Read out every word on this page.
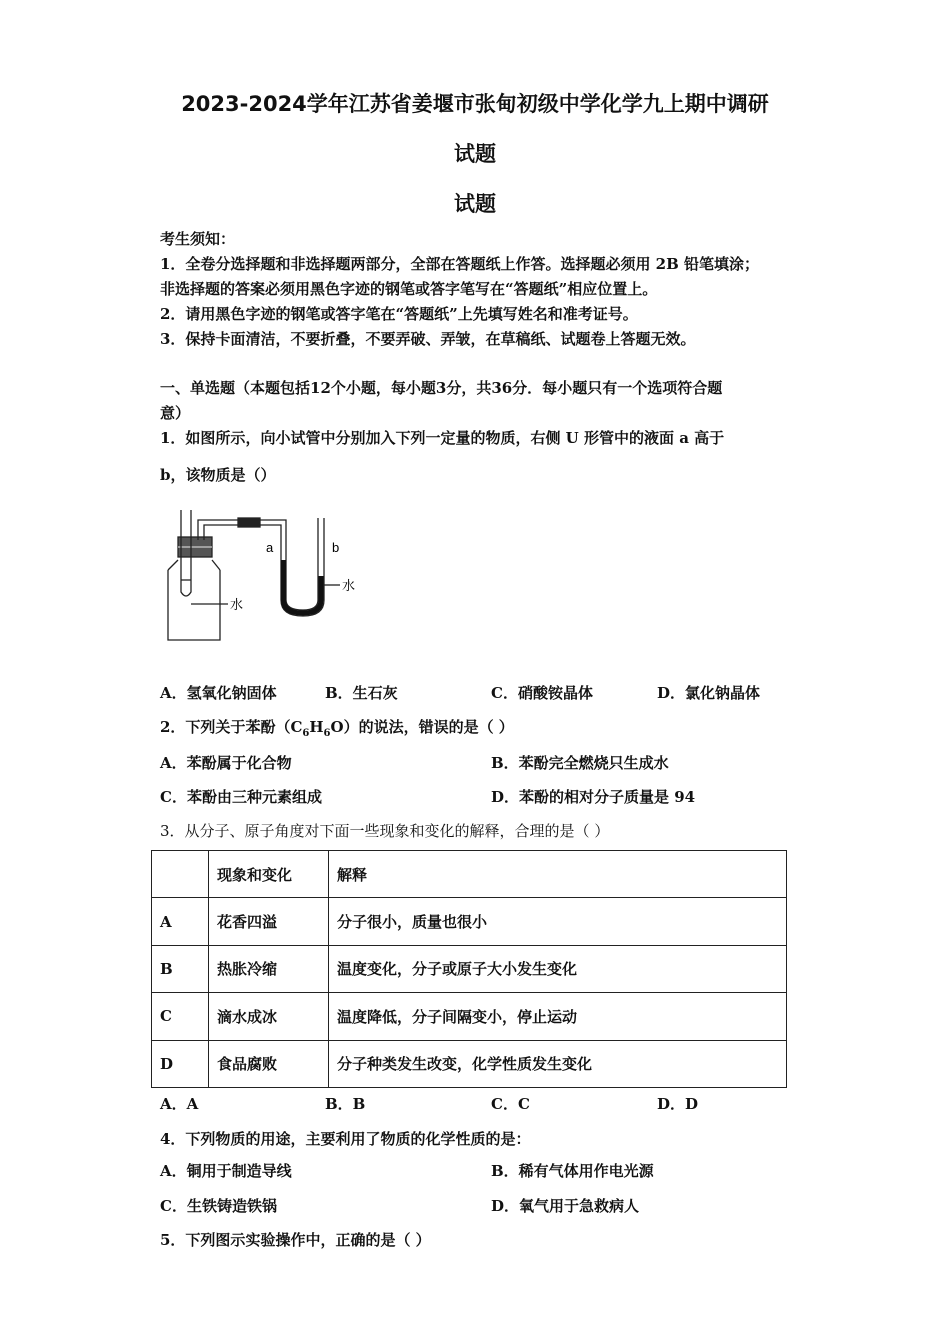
2023-2024学年江苏省姜堰市张甸初级中学化学九上期中调研
试题
试题
考生须知：
1．全卷分选择题和非选择题两部分，全部在答题纸上作答。选择题必须用 2B 铅笔填涂；
非选择题的答案必须用黑色字迹的钢笔或答字笔写在“答题纸”相应位置上。
2．请用黑色字迹的钢笔或答字笔在“答题纸”上先填写姓名和准考证号。
3．保持卡面清洁，不要折叠，不要弄破、弄皱，在草稿纸、试题卷上答题无效。
一、单选题（本题包括12个小题，每小题3分，共36分．每小题只有一个选项符合题
意）
1．如图所示，向小试管中分别加入下列一定量的物质，右侧 U 形管中的液面 a 高于
b，该物质是（）
a	b
水
水
A．氢氧化钠固体	B．生石灰	C．硝酸铵晶体	D．氯化钠晶体
2．下列关于苯酚$(C_6H_6O)$的说法，错误的是（ ）
A．苯酚属于化合物	B．苯酚完全燃烧只生成水
C．苯酚由三种元素组成	D．苯酚的相对分子质量是 94
3．从分子、原子角度对下面一些现象和变化的解释，合理的是（ ）
	现象和变化	解释
A	花香四溢	分子很小，质量也很小
B	热胀冷缩	温度变化，分子或原子大小发生变化
C	滴水成冰	温度降低，分子间隔变小，停止运动
D	食品腐败	分子种类发生改变，化学性质发生变化
A．A	B．B	C．C	D．D
4．下列物质的用途，主要利用了物质的化学性质的是：
A．铜用于制造导线	B．稀有气体用作电光源
C．生铁铸造铁锅	D．氧气用于急救病人
5．下列图示实验操作中，正确的是（ ）
